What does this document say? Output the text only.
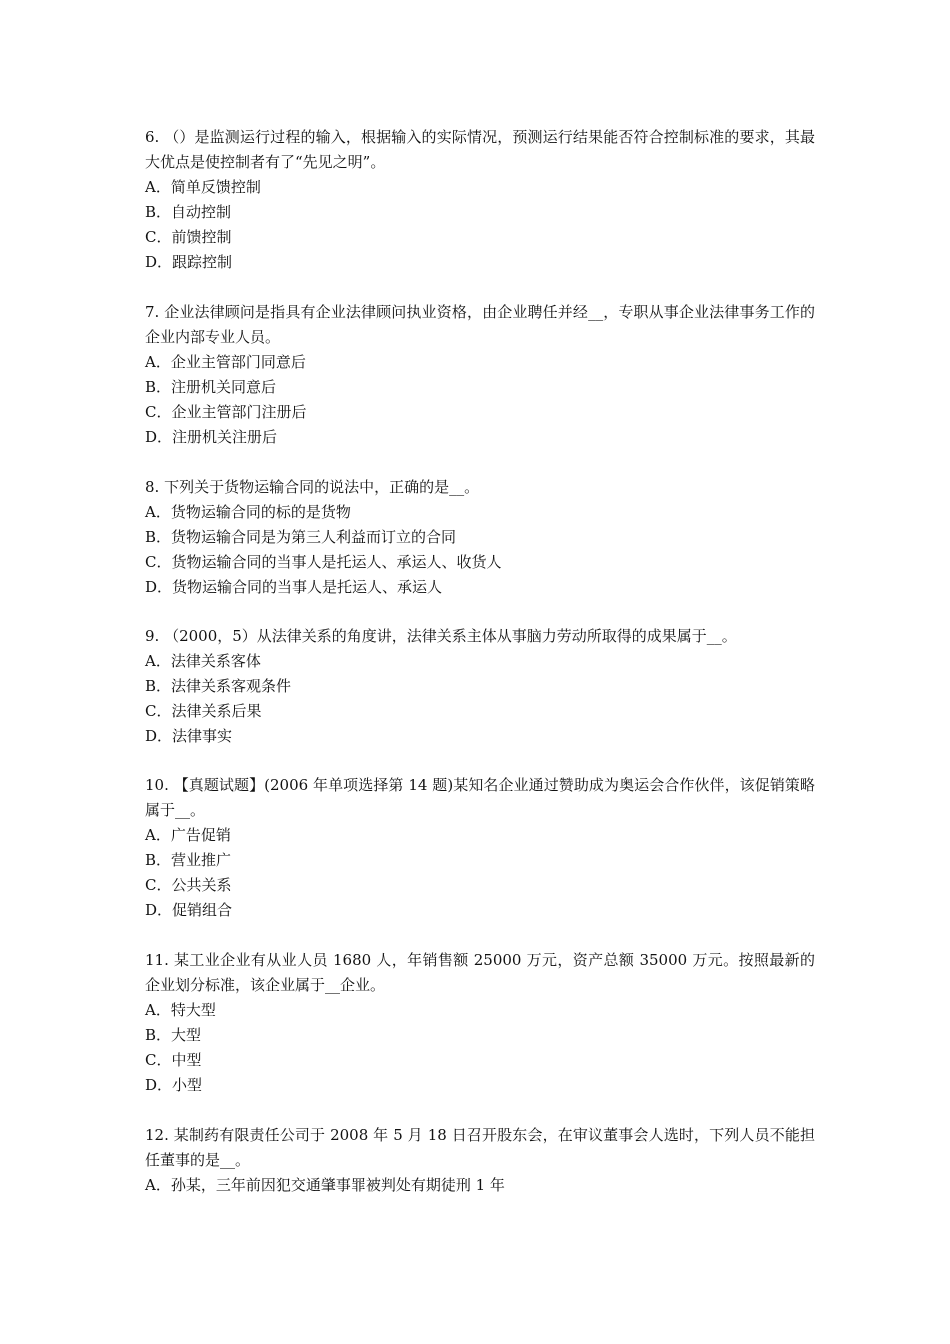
6. （）是监测运行过程的输入，根据输入的实际情况，预测运行结果能否符合控制标准的要求，其最大优点是使控制者有了“先见之明”。

A．简单反馈控制

B．自动控制

C．前馈控制

D．跟踪控制

7. 企业法律顾问是指具有企业法律顾问执业资格，由企业聘任并经__，专职从事企业法律事务工作的企业内部专业人员。

A．企业主管部门同意后

B．注册机关同意后

C．企业主管部门注册后

D．注册机关注册后

8. 下列关于货物运输合同的说法中，正确的是__。

A．货物运输合同的标的是货物

B．货物运输合同是为第三人利益而订立的合同

C．货物运输合同的当事人是托运人、承运人、收货人

D．货物运输合同的当事人是托运人、承运人

9. （2000，5）从法律关系的角度讲，法律关系主体从事脑力劳动所取得的成果属于__。

A．法律关系客体

B．法律关系客观条件

C．法律关系后果

D．法律事实

10. 【真题试题】(2006 年单项选择第 14 题)某知名企业通过赞助成为奥运会合作伙伴，该促销策略属于__。

A．广告促销

B．营业推广

C．公共关系

D．促销组合

11. 某工业企业有从业人员 1680 人，年销售额 25000 万元，资产总额 35000 万元。按照最新的企业划分标准，该企业属于__企业。

A．特大型

B．大型

C．中型

D．小型

12. 某制药有限责任公司于 2008 年 5 月 18 日召开股东会，在审议董事会人选时，下列人员不能担任董事的是__。

A．孙某，三年前因犯交通肇事罪被判处有期徒刑 1 年
